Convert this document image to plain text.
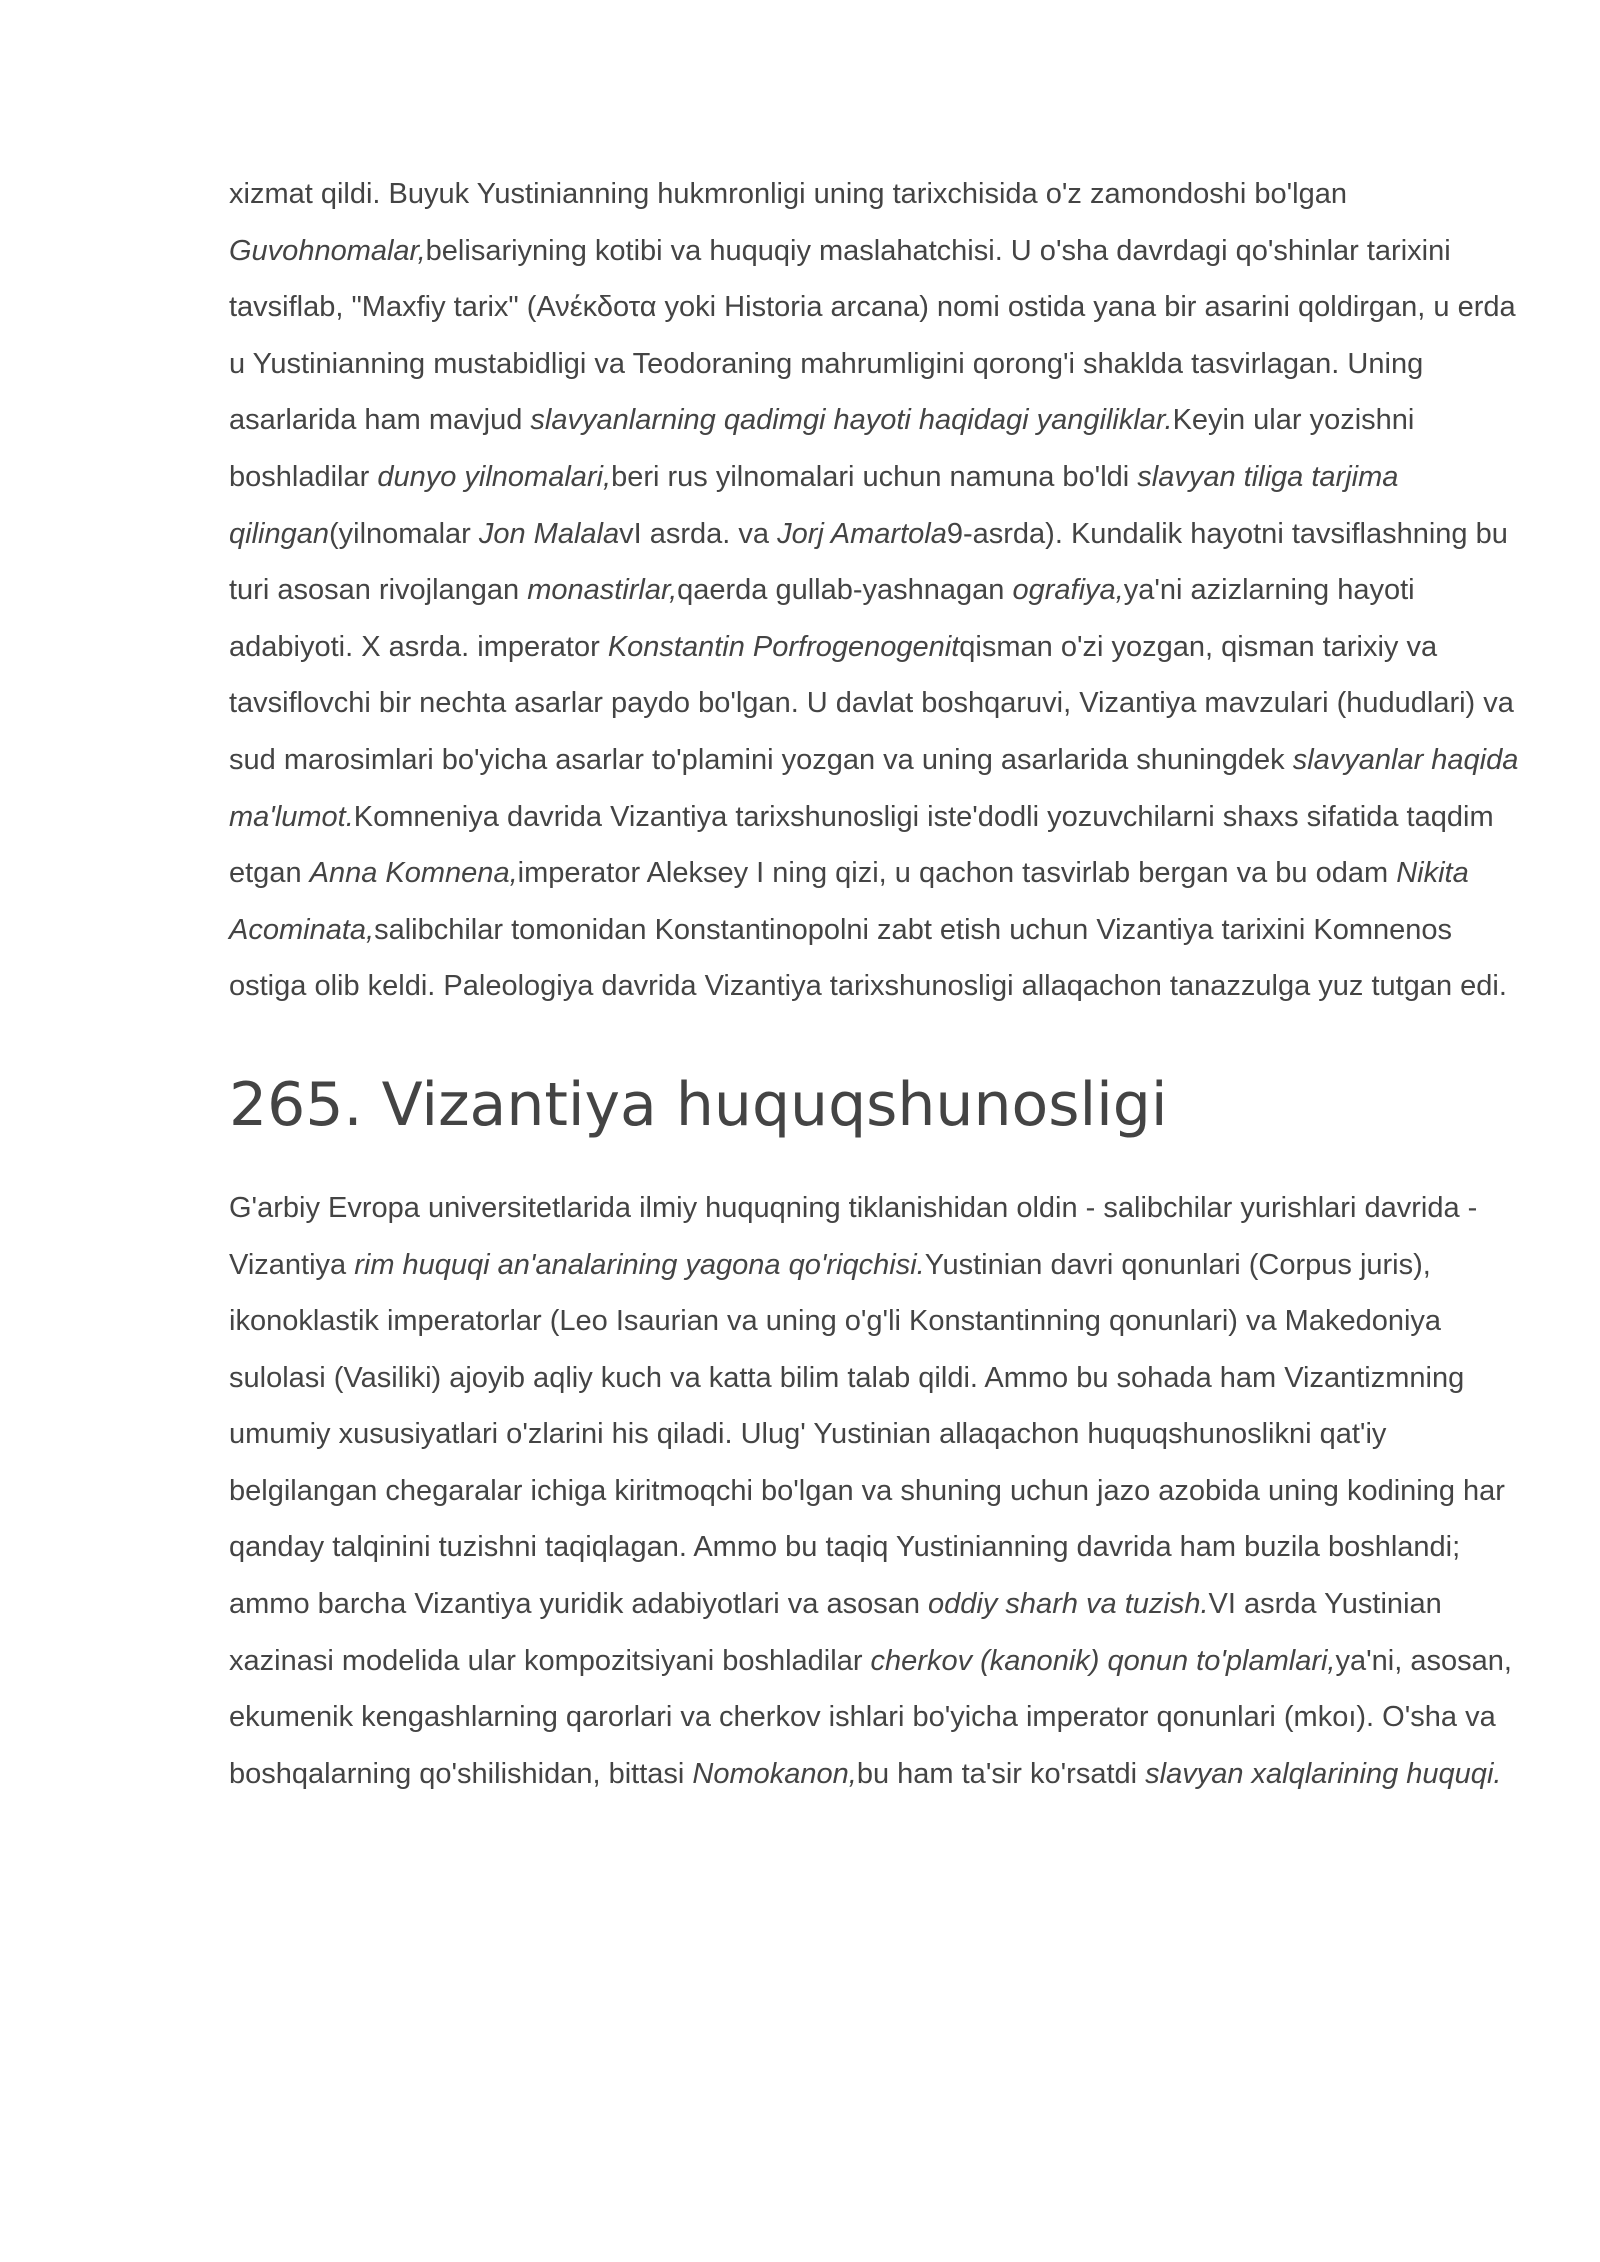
xizmat qildi. Buyuk Yustinianning hukmronligi uning tarixchisida o'z zamondoshi bo'lgan Guvohnomalar,belisariyning kotibi va huquqiy maslahatchisi. U o'sha davrdagi qo'shinlar tarixini tavsiflab, "Maxfiy tarix" (Ανέκδοτα yoki Historia arcana) nomi ostida yana bir asarini qoldirgan, u erda u Yustinianning mustabidligi va Teodoraning mahrumligini qorong'i shaklda tasvirlagan. Uning asarlarida ham mavjud slavyanlarning qadimgi hayoti haqidagi yangiliklar.Keyin ular yozishni boshladilar dunyo yilnomalari,beri rus yilnomalari uchun namuna bo'ldi slavyan tiliga tarjima qilingan(yilnomalar Jon MalalavI asrda. va Jorj Amartola9-asrda). Kundalik hayotni tavsiflashning bu turi asosan rivojlangan monastirlar,qaerda gullab-yashnagan ografiya,ya'ni azizlarning hayoti adabiyoti. X asrda. imperator Konstantin Porfrogenogenitqisman o'zi yozgan, qisman tarixiy va tavsiflovchi bir nechta asarlar paydo bo'lgan. U davlat boshqaruvi, Vizantiya mavzulari (hududlari) va sud marosimlari bo'yicha asarlar to'plamini yozgan va uning asarlarida shuningdek slavyanlar haqida ma'lumot.Komneniya davrida Vizantiya tarixshunosligi iste'dodli yozuvchilarni shaxs sifatida taqdim etgan Anna Komnena,imperator Aleksey I ning qizi, u qachon tasvirlab bergan va bu odam Nikita Acominata,salibchilar tomonidan Konstantinopolni zabt etish uchun Vizantiya tarixini Komnenos ostiga olib keldi. Paleologiya davrida Vizantiya tarixshunosligi allaqachon tanazzulga yuz tutgan edi.

265. Vizantiya huquqshunosligi

G'arbiy Evropa universitetlarida ilmiy huquqning tiklanishidan oldin - salibchilar yurishlari davrida - Vizantiya rim huquqi an'analarining yagona qo'riqchisi.Yustinian davri qonunlari (Corpus juris), ikonoklastik imperatorlar (Leo Isaurian va uning o'g'li Konstantinning qonunlari) va Makedoniya sulolasi (Vasiliki) ajoyib aqliy kuch va katta bilim talab qildi. Ammo bu sohada ham Vizantizmning umumiy xususiyatlari o'zlarini his qiladi. Ulug' Yustinian allaqachon huquqshunoslikni qat'iy belgilangan chegaralar ichiga kiritmoqchi bo'lgan va shuning uchun jazo azobida uning kodining har qanday talqinini tuzishni taqiqlagan. Ammo bu taqiq Yustinianning davrida ham buzila boshlandi; ammo barcha Vizantiya yuridik adabiyotlari va asosan oddiy sharh va tuzish.VI asrda Yustinian xazinasi modelida ular kompozitsiyani boshladilar cherkov (kanonik) qonun to'plamlari,ya'ni, asosan, ekumenik kengashlarning qarorlari va cherkov ishlari bo'yicha imperator qonunlari (mkoı). O'sha va boshqalarning qo'shilishidan, bittasi Nomokanon,bu ham ta'sir ko'rsatdi slavyan xalqlarining huquqi.
